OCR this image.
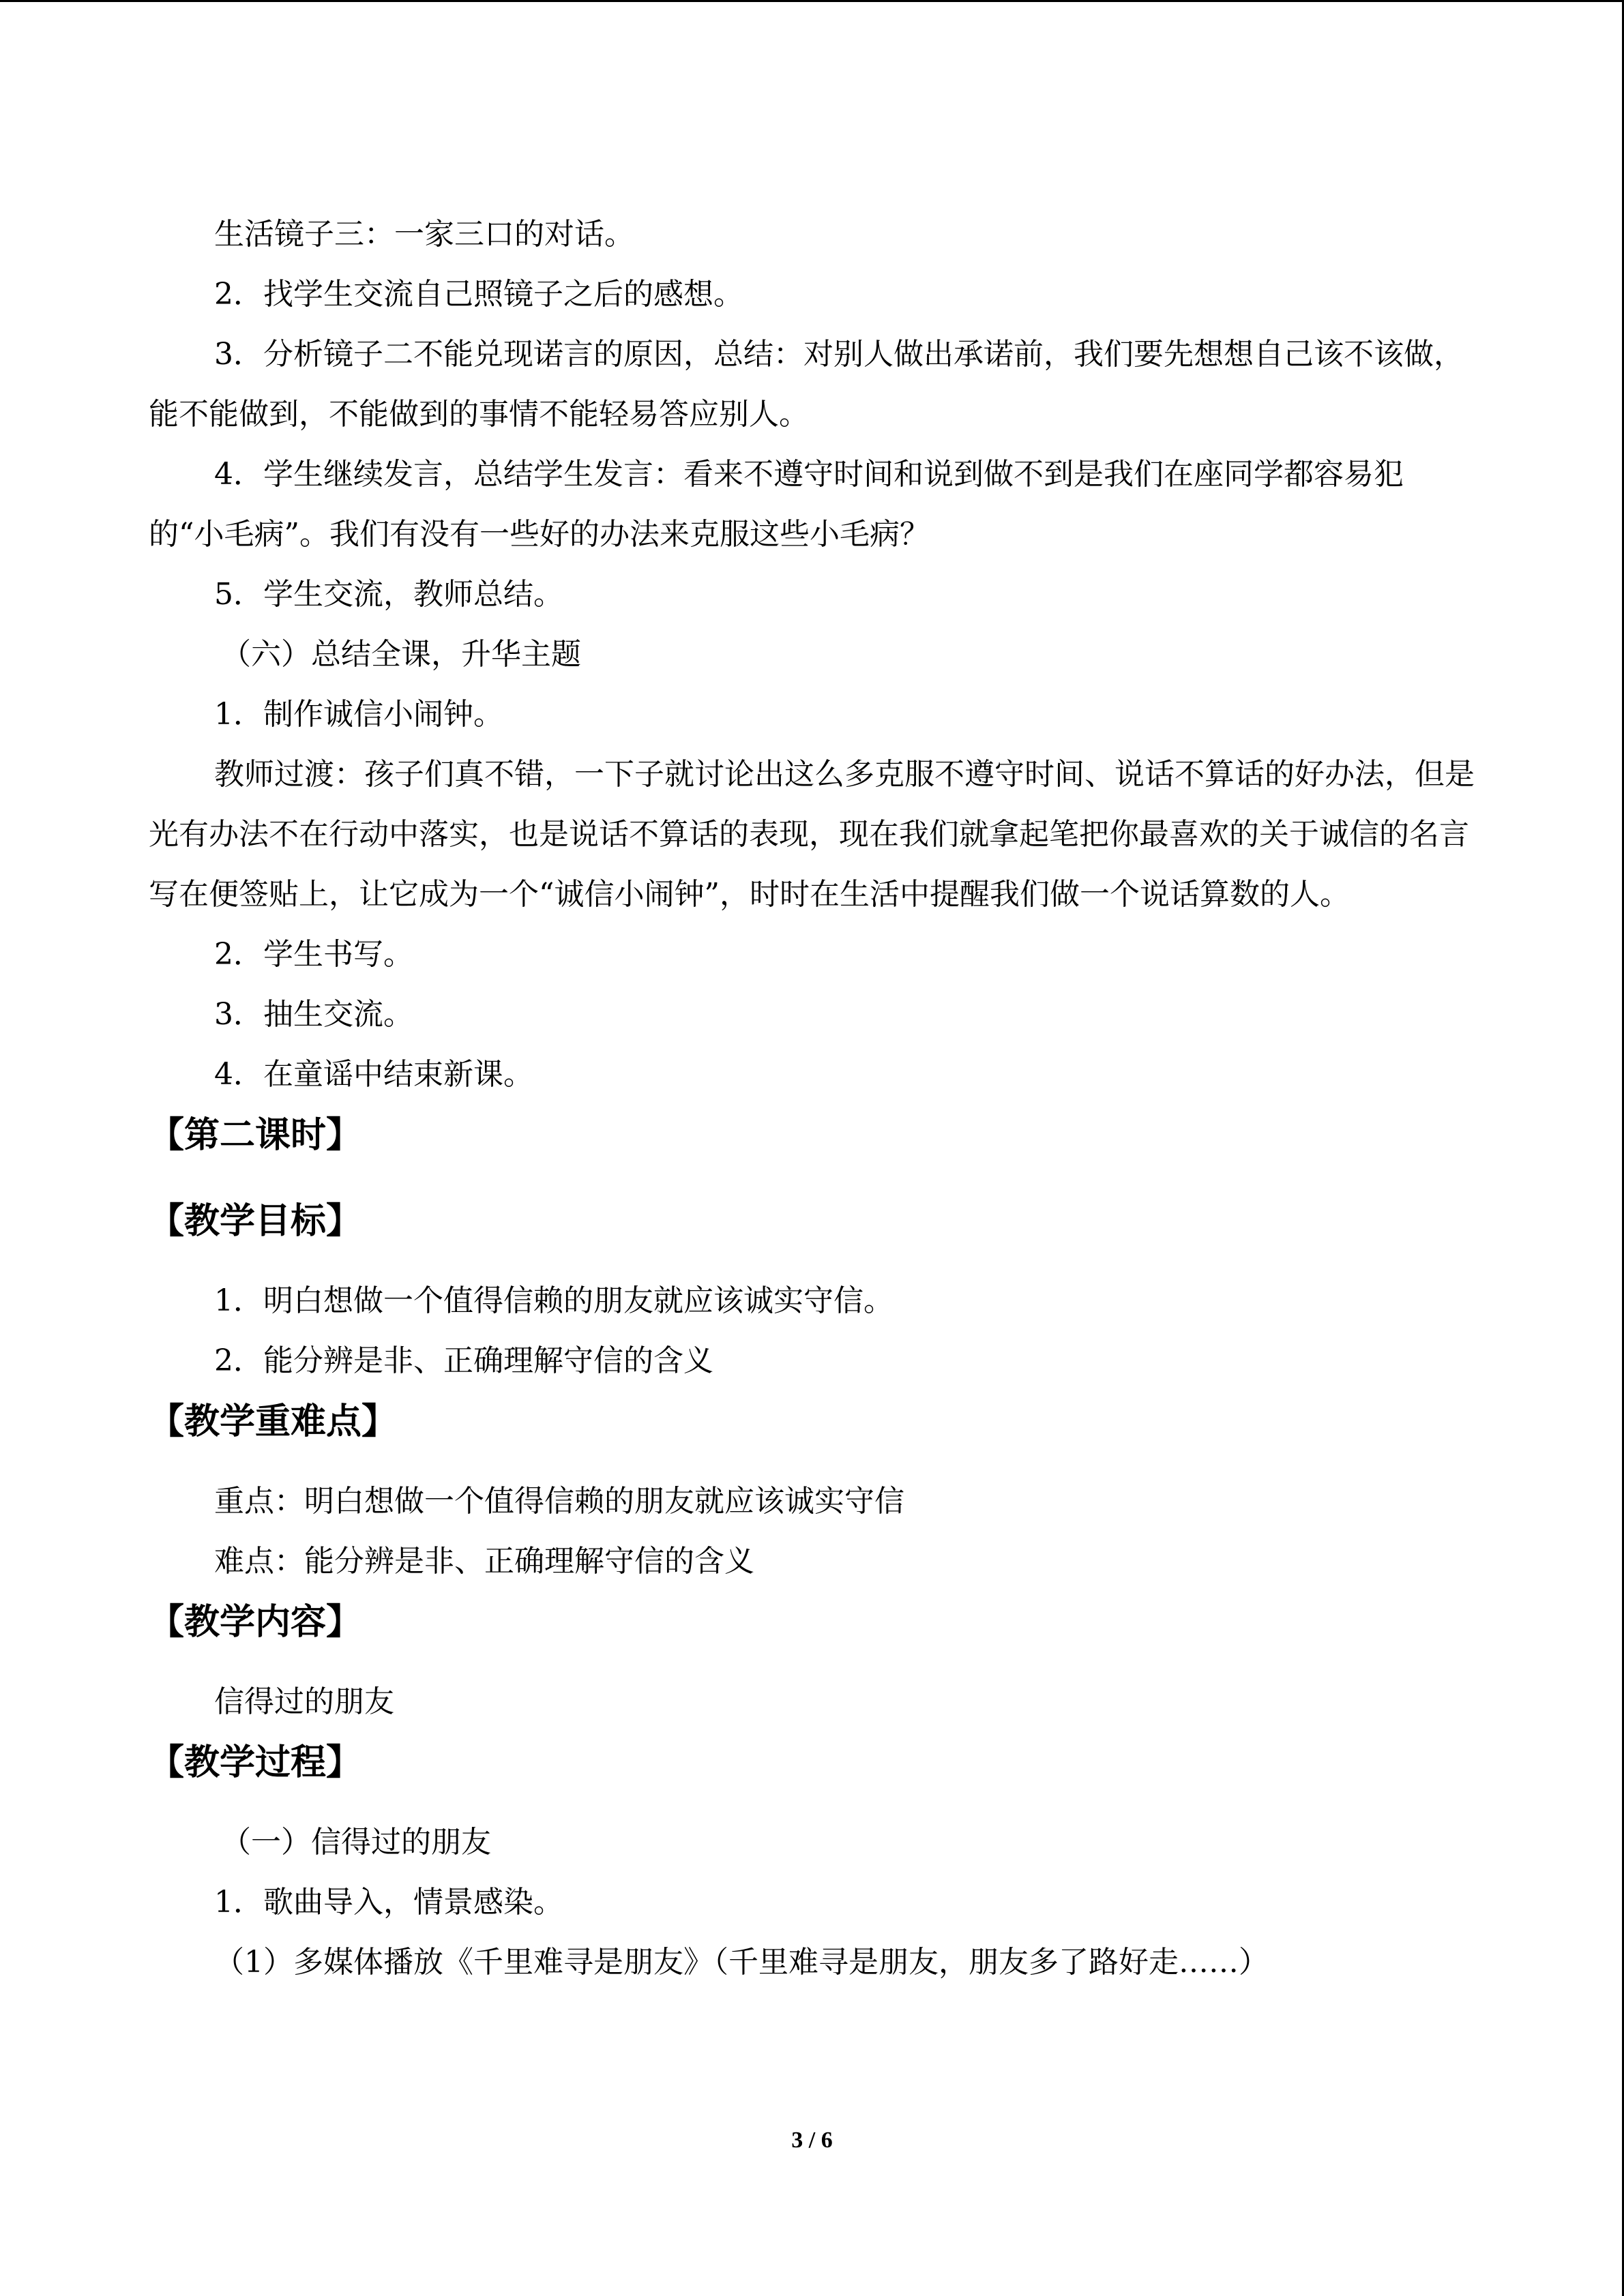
生活镜子三：一家三口的对话。

2．找学生交流自己照镜子之后的感想。

3．分析镜子二不能兑现诺言的原因，总结：对别人做出承诺前，我们要先想想自己该不该做，能不能做到，不能做到的事情不能轻易答应别人。

4．学生继续发言，总结学生发言：看来不遵守时间和说到做不到是我们在座同学都容易犯的“小毛病”。我们有没有一些好的办法来克服这些小毛病？

5．学生交流，教师总结。

（六）总结全课，升华主题

1．制作诚信小闹钟。

教师过渡：孩子们真不错，一下子就讨论出这么多克服不遵守时间、说话不算话的好办法，但是光有办法不在行动中落实，也是说话不算话的表现，现在我们就拿起笔把你最喜欢的关于诚信的名言写在便签贴上，让它成为一个“诚信小闹钟”，时时在生活中提醒我们做一个说话算数的人。

2．学生书写。

3．抽生交流。

4．在童谣中结束新课。

【第二课时】
【教学目标】

1．明白想做一个值得信赖的朋友就应该诚实守信。

2．能分辨是非、正确理解守信的含义

【教学重难点】

重点：明白想做一个值得信赖的朋友就应该诚实守信

难点：能分辨是非、正确理解守信的含义

【教学内容】

信得过的朋友

【教学过程】

（一）信得过的朋友

1．歌曲导入，情景感染。

（1）多媒体播放《千里难寻是朋友》（千里难寻是朋友，朋友多了路好走……）

3 / 6
